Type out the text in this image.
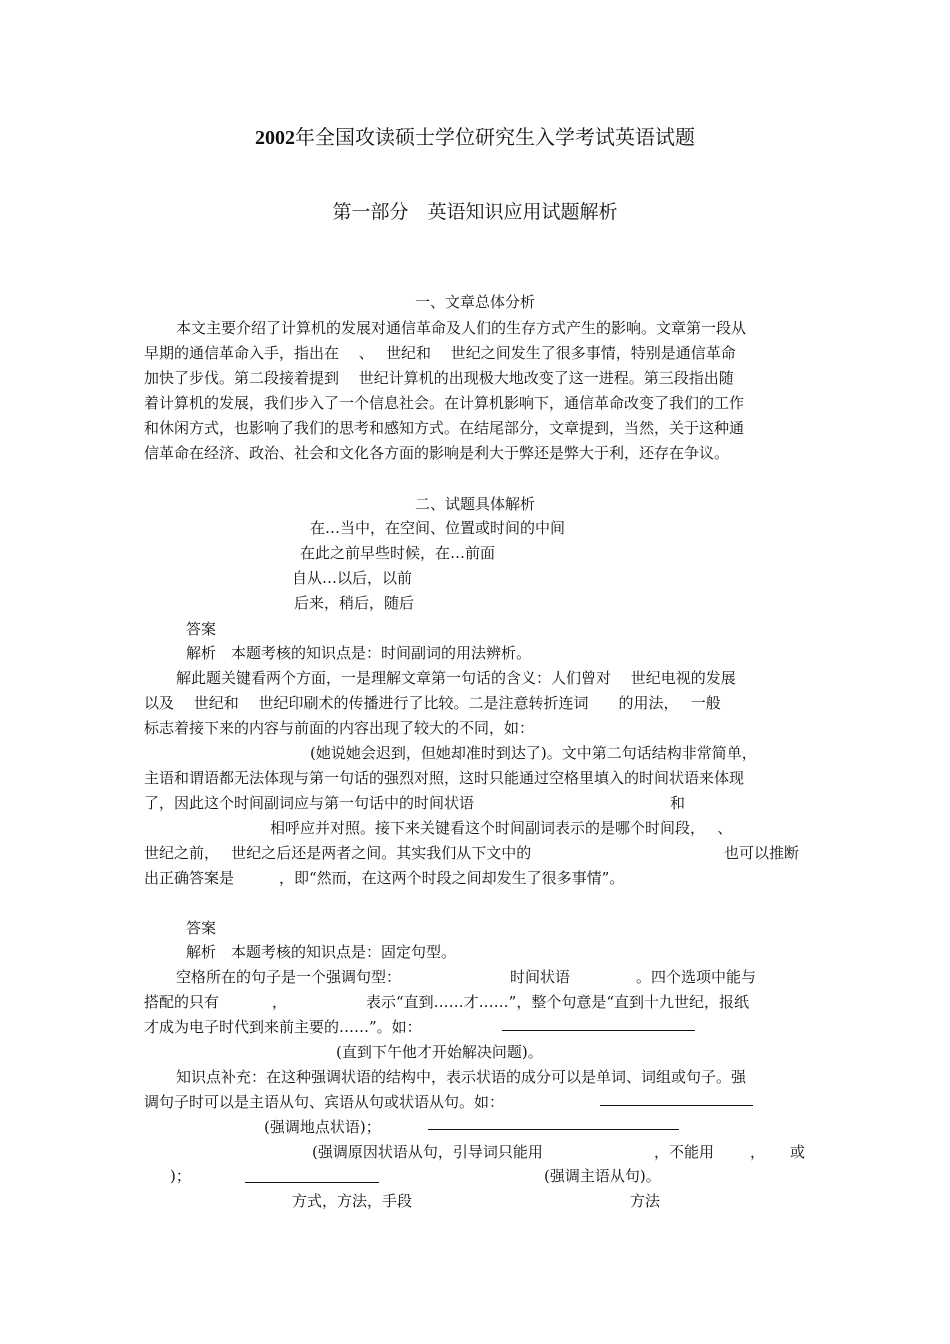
2002年全国攻读硕士学位研究生入学考试英语试题
第一部分　英语知识应用试题解析
一、文章总体分析
本文主要介绍了计算机的发展对通信革命及人们的生存方式产生的影响。文章第一段从
早期的通信革命入手，指出在　 、　 世纪和　 世纪之间发生了很多事情，特别是通信革命
加快了步伐。第二段接着提到　 世纪计算机的出现极大地改变了这一进程。第三段指出随
着计算机的发展，我们步入了一个信息社会。在计算机影响下，通信革命改变了我们的工作
和休闲方式，也影响了我们的思考和感知方式。在结尾部分，文章提到，当然，关于这种通
信革命在经济、政治、社会和文化各方面的影响是利大于弊还是弊大于利，还存在争议。
二、试题具体解析
在…当中，在空间、位置或时间的中间
在此之前早些时候，在…前面
自从…以后，以前
后来，稍后，随后
答案
解析　本题考核的知识点是：时间副词的用法辨析。
解此题关键看两个方面，一是理解文章第一句话的含义：人们曾对　 世纪电视的发展
以及　 世纪和　 世纪印刷术的传播进行了比较。二是注意转折连词　　的用法，　 一般
标志着接下来的内容与前面的内容出现了较大的不同，如：
(她说她会迟到，但她却准时到达了)。文中第二句话结构非常简单，
主语和谓语都无法体现与第一句话的强烈对照，这时只能通过空格里填入的时间状语来体现
了，因此这个时间副词应与第一句话中的时间状语	和
相呼应并对照。接下来关键看这个时间副词表示的是哪个时间段，　 、
世纪之前，　 世纪之后还是两者之间。其实我们从下文中的	也可以推断
出正确答案是　　　，即“然而，在这两个时段之间却发生了很多事情”。
答案
解析　本题考核的知识点是：固定句型。
空格所在的句子是一个强调句型：	时间状语	。四个选项中能与
搭配的只有	，	表示“直到……才……”，整个句意是“直到十九世纪，报纸
才成为电子时代到来前主要的……”。如：
(直到下午他才开始解决问题)。
知识点补充：在这种强调状语的结构中，表示状语的成分可以是单词、词组或句子。强
调句子时可以是主语从句、宾语从句或状语从句。如：
(强调地点状语)；
(强调原因状语从句，引导词只能用	，不能用 ， 或
)；	(强调主语从句)。
方式，方法，手段	方法
